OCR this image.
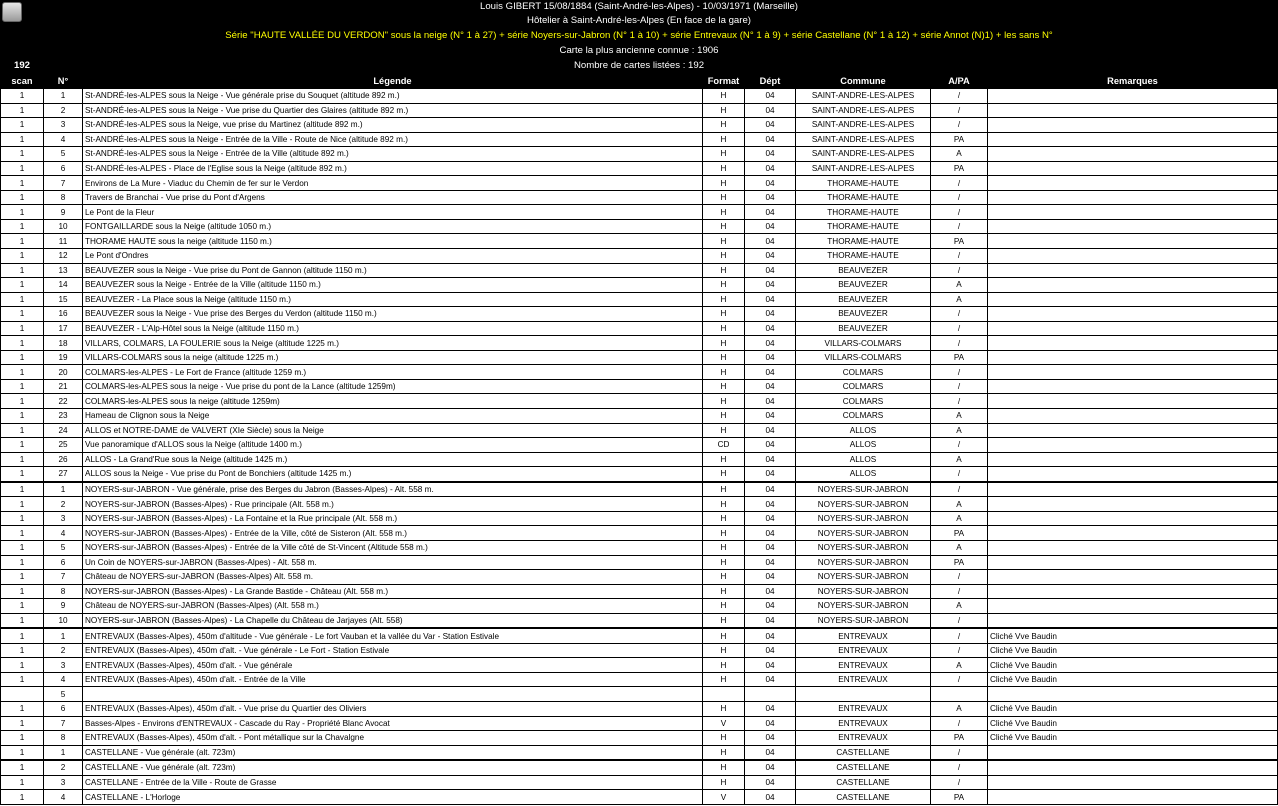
Louis GIBERT 15/08/1884 (Saint-André-les-Alpes) - 10/03/1971 (Marseille)
Hôtelier à Saint-André-les-Alpes (En face de la gare)
Série "HAUTE VALLÉE DU VERDON" sous la neige (N° 1 à 27) + série Noyers-sur-Jabron (N° 1 à 10) + série Entrevaux (N° 1 à 9) + série Castellane (N° 1 à 12) + série Annot (N)1) + les sans N°
Carte la plus ancienne connue : 1906
Nombre de cartes listées : 192
192
scan	N°	Légende	Format	Dépt	Commune	A/PA	Remarques
1	1	St-ANDRÉ-les-ALPES sous la Neige - Vue générale prise du Souquet (altitude 892 m.)	H	04	SAINT-ANDRE-LES-ALPES	/	
1	2	St-ANDRÉ-les-ALPES sous la Neige - Vue prise du Quartier des Glaires (altitude 892 m.)	H	04	SAINT-ANDRE-LES-ALPES	/	
1	3	St-ANDRÉ-les-ALPES sous la Neige, vue prise du Martinez (altitude 892 m.)	H	04	SAINT-ANDRE-LES-ALPES	/	
1	4	St-ANDRÉ-les-ALPES sous la Neige - Entrée de la Ville - Route de Nice (altitude 892 m.)	H	04	SAINT-ANDRE-LES-ALPES	PA	
1	5	St-ANDRÉ-les-ALPES sous la Neige - Entrée de la Ville (altitude 892 m.)	H	04	SAINT-ANDRE-LES-ALPES	A	
1	6	St-ANDRÉ-les-ALPES - Place de l'Eglise sous la Neige (altitude 892 m.)	H	04	SAINT-ANDRE-LES-ALPES	PA	
1	7	Environs de La Mure - Viaduc du Chemin de fer sur le Verdon	H	04	THORAME-HAUTE	/	
1	8	Travers de Branchai - Vue prise du Pont d'Argens	H	04	THORAME-HAUTE	/	
1	9	Le Pont de la Fleur	H	04	THORAME-HAUTE	/	
1	10	FONTGAILLARDE sous la Neige (altitude 1050 m.)	H	04	THORAME-HAUTE	/	
1	11	THORAME HAUTE sous la neige (altitude 1150 m.)	H	04	THORAME-HAUTE	PA	
1	12	Le Pont d'Ondres	H	04	THORAME-HAUTE	/	
1	13	BEAUVEZER sous la Neige - Vue prise du Pont de Gannon (altitude 1150 m.)	H	04	BEAUVEZER	/	
1	14	BEAUVEZER sous la Neige - Entrée de la Ville (altitude 1150 m.)	H	04	BEAUVEZER	A	
1	15	BEAUVEZER - La Place sous la Neige (altitude 1150 m.)	H	04	BEAUVEZER	A	
1	16	BEAUVEZER sous la Neige - Vue prise des Berges du Verdon (altitude 1150 m.)	H	04	BEAUVEZER	/	
1	17	BEAUVEZER - L'Alp-Hôtel sous la Neige (altitude 1150 m.)	H	04	BEAUVEZER	/	
1	18	VILLARS, COLMARS, LA FOULERIE sous la Neige (altitude 1225 m.)	H	04	VILLARS-COLMARS	/	
1	19	VILLARS-COLMARS sous la neige (altitude 1225 m.)	H	04	VILLARS-COLMARS	PA	
1	20	COLMARS-les-ALPES - Le Fort de France (altitude 1259 m.)	H	04	COLMARS	/	
1	21	COLMARS-les-ALPES sous la neige - Vue prise du pont de la Lance (altitude 1259m)	H	04	COLMARS	/	
1	22	COLMARS-les-ALPES sous la neige (altitude 1259m)	H	04	COLMARS	/	
1	23	Hameau de Clignon sous la Neige	H	04	COLMARS	A	
1	24	ALLOS et NOTRE-DAME de VALVERT (XIe Siècle) sous la Neige	H	04	ALLOS	A	
1	25	Vue panoramique d'ALLOS sous la Neige (altitude 1400 m.)	CD	04	ALLOS	/	
1	26	ALLOS - La Grand'Rue sous la Neige (altitude 1425 m.)	H	04	ALLOS	A	
1	27	ALLOS sous la Neige - Vue prise du Pont de Bonchiers (altitude 1425 m.)	H	04	ALLOS	/	
1	1	NOYERS-sur-JABRON - Vue générale, prise des Berges du Jabron (Basses-Alpes) - Alt. 558 m.	H	04	NOYERS-SUR-JABRON	/	
1	2	NOYERS-sur-JABRON (Basses-Alpes) - Rue principale (Alt. 558 m.)	H	04	NOYERS-SUR-JABRON	A	
1	3	NOYERS-sur-JABRON (Basses-Alpes) - La Fontaine et la Rue principale (Alt. 558 m.)	H	04	NOYERS-SUR-JABRON	A	
1	4	NOYERS-sur-JABRON (Basses-Alpes) - Entrée de la Ville, côté de Sisteron (Alt. 558 m.)	H	04	NOYERS-SUR-JABRON	PA	
1	5	NOYERS-sur-JABRON (Basses-Alpes) - Entrée de la Ville côté de St-Vincent (Altitude 558 m.)	H	04	NOYERS-SUR-JABRON	A	
1	6	Un Coin de NOYERS-sur-JABRON (Basses-Alpes) - Alt. 558 m.	H	04	NOYERS-SUR-JABRON	PA	
1	7	Château de NOYERS-sur-JABRON (Basses-Alpes) Alt. 558 m.	H	04	NOYERS-SUR-JABRON	/	
1	8	NOYERS-sur-JABRON (Basses-Alpes) - La Grande Bastide - Château (Alt. 558 m.)	H	04	NOYERS-SUR-JABRON	/	
1	9	Château de NOYERS-sur-JABRON (Basses-Alpes) (Alt. 558 m.)	H	04	NOYERS-SUR-JABRON	A	
1	10	NOYERS-sur-JABRON (Basses-Alpes) - La Chapelle du Château de Jarjayes (Alt. 558)	H	04	NOYERS-SUR-JABRON	/	
1	1	ENTREVAUX (Basses-Alpes), 450m d'altitude - Vue générale - Le fort Vauban et la vallée du Var - Station Estivale	H	04	ENTREVAUX	/	Cliché Vve Baudin
1	2	ENTREVAUX (Basses-Alpes), 450m d'alt. - Vue générale - Le Fort - Station Estivale	H	04	ENTREVAUX	/	Cliché Vve Baudin
1	3	ENTREVAUX (Basses-Alpes), 450m d'alt. - Vue générale	H	04	ENTREVAUX	A	Cliché Vve Baudin
1	4	ENTREVAUX (Basses-Alpes), 450m d'alt. - Entrée de la Ville	H	04	ENTREVAUX	/	Cliché Vve Baudin
	5						
1	6	ENTREVAUX (Basses-Alpes), 450m d'alt. - Vue prise du Quartier des Oliviers	H	04	ENTREVAUX	A	Cliché Vve Baudin
1	7	Basses-Alpes - Environs d'ENTREVAUX - Cascade du Ray - Propriété Blanc Avocat	V	04	ENTREVAUX	/	Cliché Vve Baudin
1	8	ENTREVAUX (Basses-Alpes), 450m d'alt. - Pont métallique sur la Chavalgne	H	04	ENTREVAUX	PA	Cliché Vve Baudin
1	1	CASTELLANE - Vue générale (alt. 723m)	H	04	CASTELLANE	/	
1	2	CASTELLANE - Vue générale (alt. 723m)	H	04	CASTELLANE	/	
1	3	CASTELLANE - Entrée de la Ville - Route de Grasse	H	04	CASTELLANE	/	
1	4	CASTELLANE - L'Horloge	V	04	CASTELLANE	PA	
